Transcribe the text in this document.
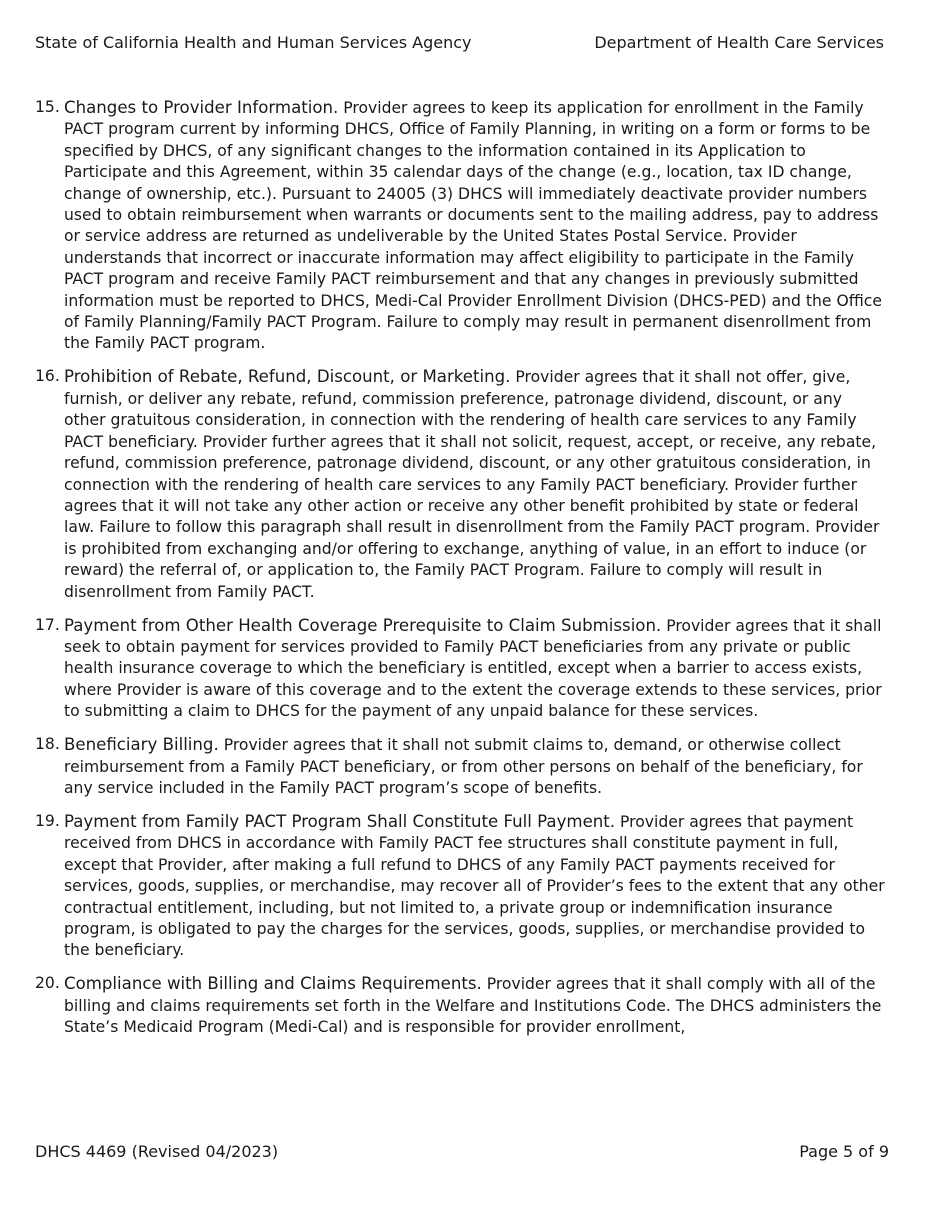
State of California Health and Human Services Agency	Department of Health Care Services
15. Changes to Provider Information. Provider agrees to keep its application for enrollment in the Family PACT program current by informing DHCS, Office of Family Planning, in writing on a form or forms to be specified by DHCS, of any significant changes to the information contained in its Application to Participate and this Agreement, within 35 calendar days of the change (e.g., location, tax ID change, change of ownership, etc.). Pursuant to 24005 (3) DHCS will immediately deactivate provider numbers used to obtain reimbursement when warrants or documents sent to the mailing address, pay to address or service address are returned as undeliverable by the United States Postal Service. Provider understands that incorrect or inaccurate information may affect eligibility to participate in the Family PACT program and receive Family PACT reimbursement and that any changes in previously submitted information must be reported to DHCS, Medi-Cal Provider Enrollment Division (DHCS-PED) and the Office of Family Planning/Family PACT Program. Failure to comply may result in permanent disenrollment from the Family PACT program.
16. Prohibition of Rebate, Refund, Discount, or Marketing. Provider agrees that it shall not offer, give, furnish, or deliver any rebate, refund, commission preference, patronage dividend, discount, or any other gratuitous consideration, in connection with the rendering of health care services to any Family PACT beneficiary. Provider further agrees that it shall not solicit, request, accept, or receive, any rebate, refund, commission preference, patronage dividend, discount, or any other gratuitous consideration, in connection with the rendering of health care services to any Family PACT beneficiary. Provider further agrees that it will not take any other action or receive any other benefit prohibited by state or federal law. Failure to follow this paragraph shall result in disenrollment from the Family PACT program. Provider is prohibited from exchanging and/or offering to exchange, anything of value, in an effort to induce (or reward) the referral of, or application to, the Family PACT Program. Failure to comply will result in disenrollment from Family PACT.
17. Payment from Other Health Coverage Prerequisite to Claim Submission. Provider agrees that it shall seek to obtain payment for services provided to Family PACT beneficiaries from any private or public health insurance coverage to which the beneficiary is entitled, except when a barrier to access exists, where Provider is aware of this coverage and to the extent the coverage extends to these services, prior to submitting a claim to DHCS for the payment of any unpaid balance for these services.
18. Beneficiary Billing. Provider agrees that it shall not submit claims to, demand, or otherwise collect reimbursement from a Family PACT beneficiary, or from other persons on behalf of the beneficiary, for any service included in the Family PACT program’s scope of benefits.
19. Payment from Family PACT Program Shall Constitute Full Payment. Provider agrees that payment received from DHCS in accordance with Family PACT fee structures shall constitute payment in full, except that Provider, after making a full refund to DHCS of any Family PACT payments received for services, goods, supplies, or merchandise, may recover all of Provider’s fees to the extent that any other contractual entitlement, including, but not limited to, a private group or indemnification insurance program, is obligated to pay the charges for the services, goods, supplies, or merchandise provided to the beneficiary.
20. Compliance with Billing and Claims Requirements. Provider agrees that it shall comply with all of the billing and claims requirements set forth in the Welfare and Institutions Code. The DHCS administers the State’s Medicaid Program (Medi-Cal) and is responsible for provider enrollment,
DHCS 4469 (Revised 04/2023)	Page 5 of 9
